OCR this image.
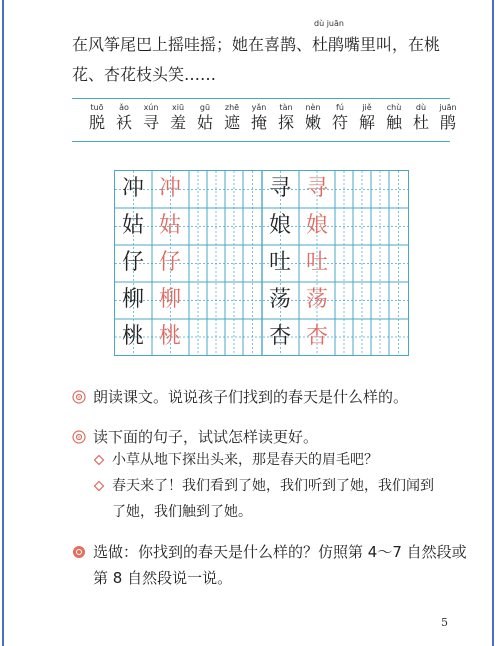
在风筝尾巴上摇哇摇；她在喜鹊、
dù juān
杜鹃嘴里叫，在桃
花、杏花枝头笑……
tuō
脱
ǎo
袄
xún
寻
xiū
羞
gū
姑
zhē
遮
yǎn
掩
tàn
探
nèn
嫩
fú
符
jiě
解
chù
触
dù
杜
juān
鹃
冲 冲
姑 姑
仔 仔
柳 柳
桃 桃
寻 寻
娘 娘
吐 吐
荡 荡
杏 杏
朗读课文。说说孩子们找到的春天是什么样的。
读下面的句子，试试怎样读更好。
小草从地下探出头来，那是春天的眉毛吧？
春天来了！我们看到了她，我们听到了她，我们闻到
了她，我们触到了她。
选做：你找到的春天是什么样的？仿照第 4～7 自然段或
第 8 自然段说一说。
5
